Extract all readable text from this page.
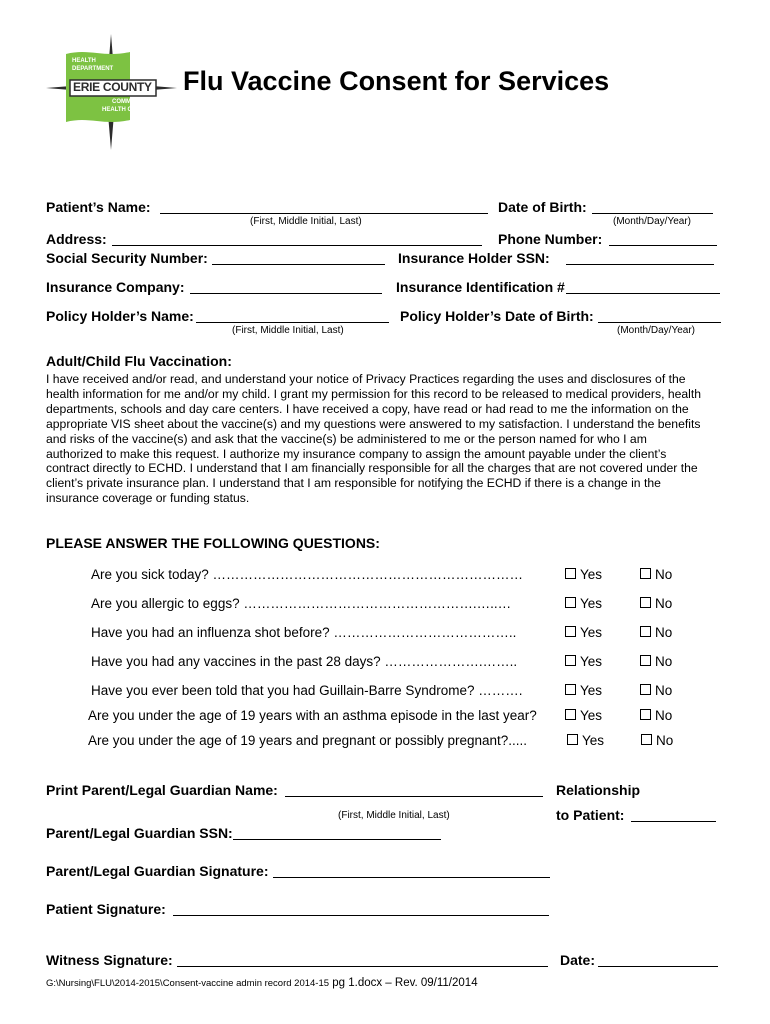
HEALTH
DEPARTMENT
ERIE COUNTY
COMMUNITY
HEALTH CENTER
Flu Vaccine Consent for Services
Patient’s Name:
(First, Middle Initial, Last)
Date of Birth:
(Month/Day/Year)
Address:	Phone Number:
Social Security Number:	Insurance Holder SSN:
Insurance Company:	Insurance Identification #
Policy Holder’s Name:
(First, Middle Initial, Last)
Policy Holder’s Date of Birth:
(Month/Day/Year)
Adult/Child Flu Vaccination:
I have received and/or read, and understand your notice of Privacy Practices regarding the uses and disclosures of the
health information for me and/or my child. I grant my permission for this record to be released to medical providers, health
departments, schools and day care centers. I have received a copy, have read or had read to me the information on the
appropriate VIS sheet about the vaccine(s) and my questions were answered to my satisfaction. I understand the benefits
and risks of the vaccine(s) and ask that the vaccine(s) be administered to me or the person named for who I am
authorized to make this request. I authorize my insurance company to assign the amount payable under the client’s
contract directly to ECHD. I understand that I am financially responsible for all the charges that are not covered under the
client’s private insurance plan. I understand that I am responsible for notifying the ECHD if there is a change in the
insurance coverage or funding status.
PLEASE ANSWER THE FOLLOWING QUESTIONS:
Are you sick today? ……………………………………………………………	Yes	No
Are you allergic to eggs? …………………………………………….…..…	Yes	No
Have you had an influenza shot before? …………………………………..	Yes	No
Have you had any vaccines in the past 28 days? ………………….……..	Yes	No
Have you ever been told that you had Guillain-Barre Syndrome? ……….	Yes	No
Are you under the age of 19 years with an asthma episode in the last year?	Yes	No
Are you under the age of 19 years and pregnant or possibly pregnant?.....	Yes	No
Print Parent/Legal Guardian Name:	Relationship
(First, Middle Initial, Last)	to Patient:
Parent/Legal Guardian SSN:
Parent/Legal Guardian Signature:
Patient Signature:
Witness Signature:	Date:
G:\Nursing\FLU\2014-2015\Consent-vaccine admin record 2014-15 pg 1.docx – Rev. 09/11/2014
